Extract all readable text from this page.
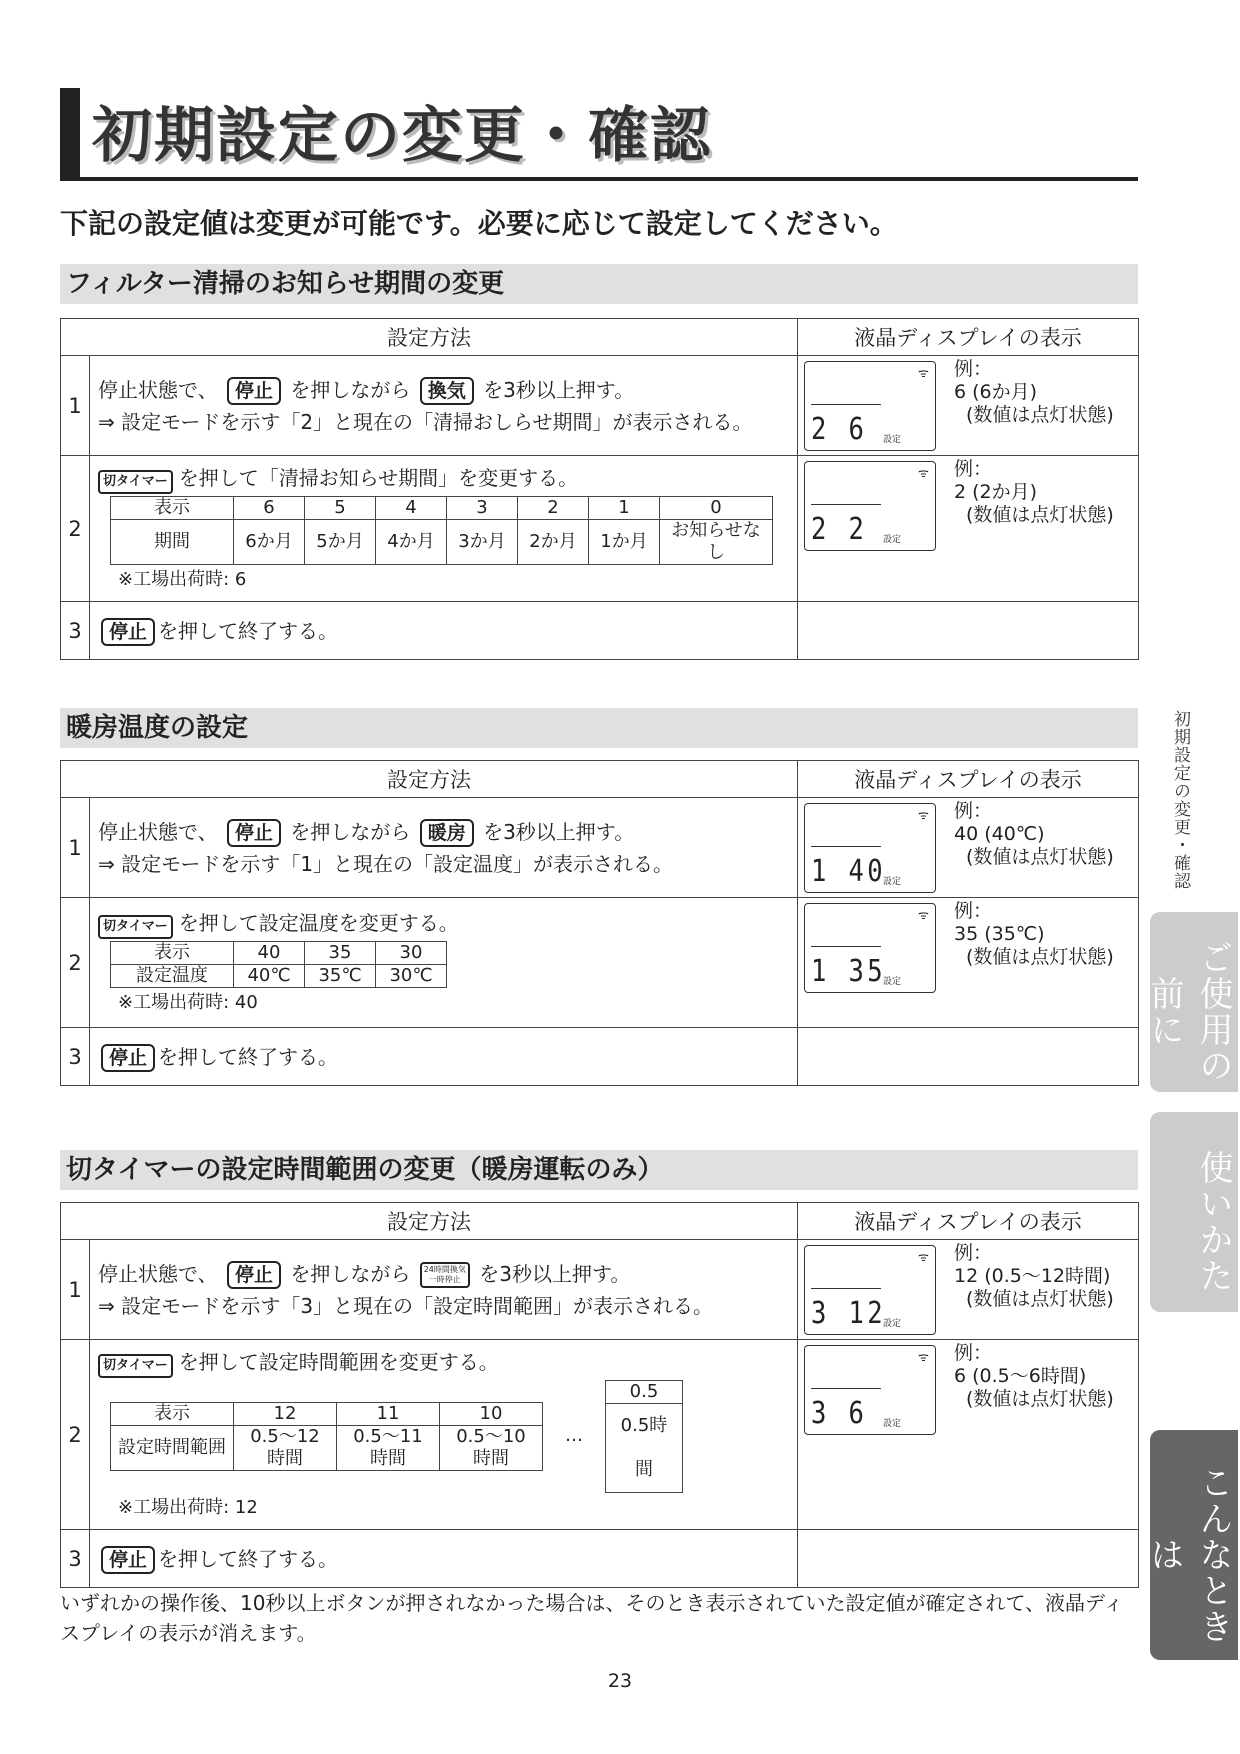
初期設定の変更・確認
下記の設定値は変更が可能です。必要に応じて設定してください。
フィルター清掃のお知らせ期間の変更
設定方法	液晶ディスプレイの表示
1	停止状態で、 停止 を押しながら 換気 を3秒以上押す。
⇒ 設定モードを示す「2」と現在の「清掃おしらせ期間」が表示される。	
ᯤ
2 6 設定
例：
6 (6か月)
(数値は点灯状態)

2	切タイマー を押して「清掃お知らせ期間」を変更する。
表示	6	5	4	3	2	1	0
期間	6か月	5か月	4か月	3か月	2か月	1か月	お知らせなし
※工場出荷時: 6

ᯤ
2 2 設定
例：
2 (2か月)
(数値は点灯状態)

3	停止 を押して終了する。	
暖房温度の設定
設定方法	液晶ディスプレイの表示
1	停止状態で、 停止 を押しながら 暖房 を3秒以上押す。
⇒ 設定モードを示す「1」と現在の「設定温度」が表示される。	
ᯤ
1 40
設定
例：
40 (40℃)
(数値は点灯状態)

2	切タイマー を押して設定温度を変更する。
表示	40	35	30
設定温度	40℃	35℃	30℃
※工場出荷時: 40

ᯤ
1 35
設定
例：
35 (35℃)
(数値は点灯状態)

3	停止 を押して終了する。	
切タイマーの設定時間範囲の変更（暖房運転のみ）
設定方法	液晶ディスプレイの表示
1	停止状態で、 停止 を押しながら 24時間換気
一時停止 を3秒以上押す。
⇒ 設定モードを示す「3」と現在の「設定時間範囲」が表示される。	
ᯤ
3 12
設定
例：
12 (0.5～12時間)
(数値は点灯状態)

2	切タイマー を押して設定時間範囲を変更する。
表示	12	11	10
設定時間範囲	0.5～12 時間	0.5～11 時間	0.5～10 時間
…
0.5
0.5時間
※工場出荷時: 12

ᯤ
3 6 設定
例：
6 (0.5～6時間)
(数値は点灯状態)

3	停止 を押して終了する。	
いずれかの操作後、10秒以上ボタンが押されなかった場合は、そのとき表示されていた設定値が確定されて、液晶ディスプレイの表示が消えます。
23
初期設定の変更・確認
ご使用の前に
使いかた
こんなときは
